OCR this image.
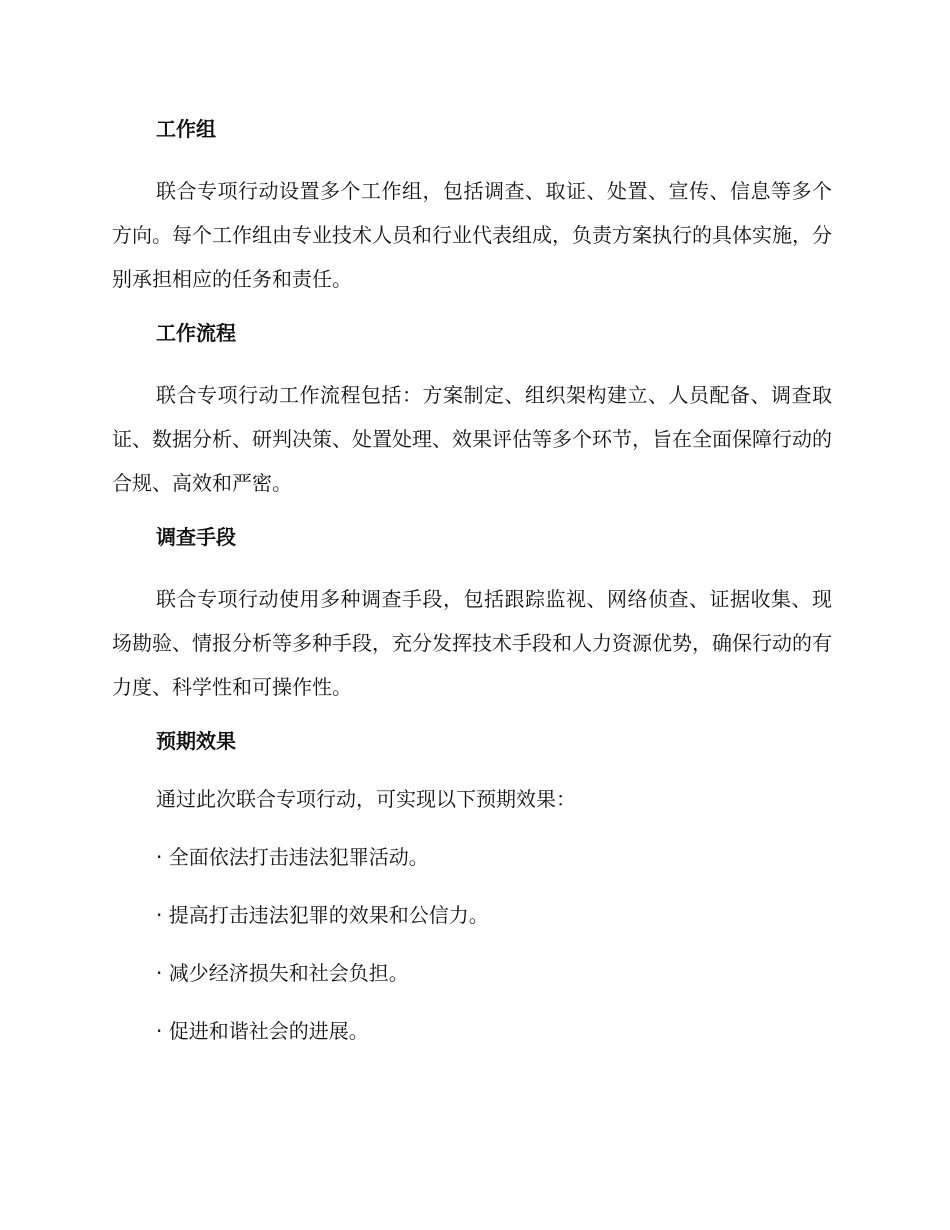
工作组

联合专项行动设置多个工作组，包括调查、取证、处置、宣传、信息等多个方向。每个工作组由专业技术人员和行业代表组成，负责方案执行的具体实施，分别承担相应的任务和责任。

工作流程

联合专项行动工作流程包括：方案制定、组织架构建立、人员配备、调查取证、数据分析、研判决策、处置处理、效果评估等多个环节，旨在全面保障行动的合规、高效和严密。

调查手段

联合专项行动使用多种调查手段，包括跟踪监视、网络侦查、证据收集、现场勘验、情报分析等多种手段，充分发挥技术手段和人力资源优势，确保行动的有力度、科学性和可操作性。

预期效果
通过此次联合专项行动，可实现以下预期效果：
· 全面依法打击违法犯罪活动。
· 提高打击违法犯罪的效果和公信力。
· 减少经济损失和社会负担。
· 促进和谐社会的进展。
